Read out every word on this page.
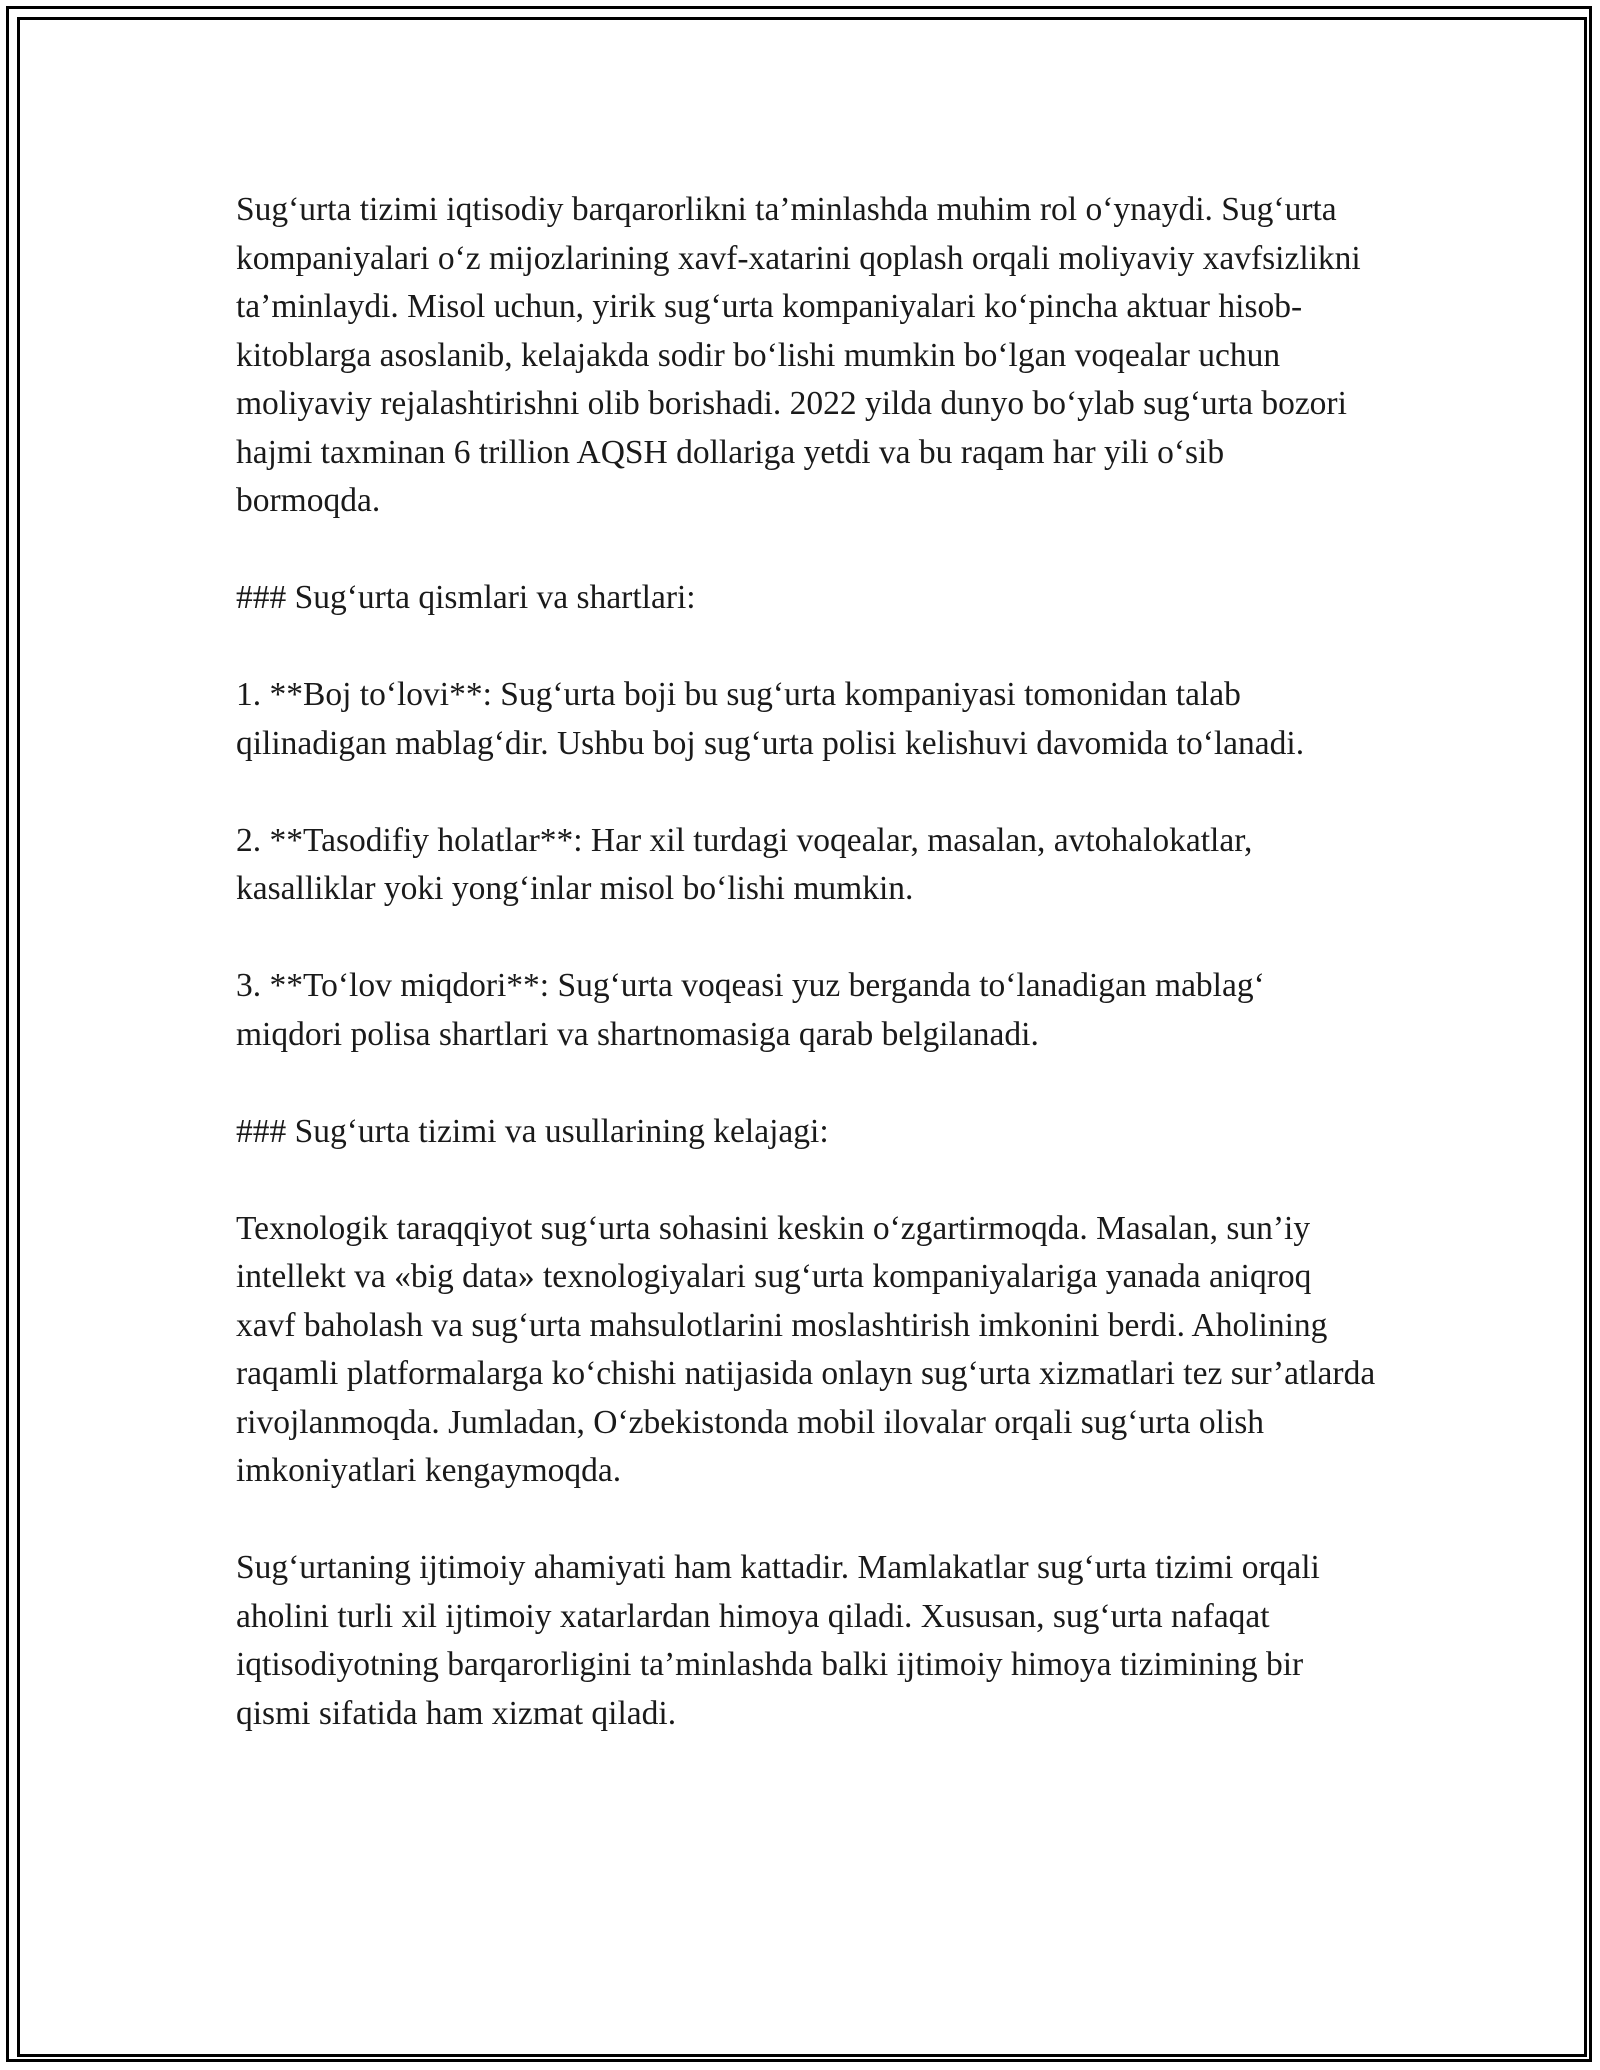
Sug‘urta tizimi iqtisodiy barqarorlikni ta’minlashda muhim rol o‘ynaydi. Sug‘urta kompaniyalari o‘z mijozlarining xavf-xatarini qoplash orqali moliyaviy xavfsizlikni ta’minlaydi. Misol uchun, yirik sug‘urta kompaniyalari ko‘pincha aktuar hisob-kitoblarga asoslanib, kelajakda sodir bo‘lishi mumkin bo‘lgan voqealar uchun moliyaviy rejalashtirishni olib borishadi. 2022 yilda dunyo bo‘ylab sug‘urta bozori hajmi taxminan 6 trillion AQSH dollariga yetdi va bu raqam har yili o‘sib bormoqda.

### Sug‘urta qismlari va shartlari:

1. **Boj to‘lovi**: Sug‘urta boji bu sug‘urta kompaniyasi tomonidan talab qilinadigan mablag‘dir. Ushbu boj sug‘urta polisi kelishuvi davomida to‘lanadi.

2. **Tasodifiy holatlar**: Har xil turdagi voqealar, masalan, avtohalokatlar, kasalliklar yoki yong‘inlar misol bo‘lishi mumkin.

3. **To‘lov miqdori**: Sug‘urta voqeasi yuz berganda to‘lanadigan mablag‘ miqdori polisa shartlari va shartnomasiga qarab belgilanadi.

### Sug‘urta tizimi va usullarining kelajagi:

Texnologik taraqqiyot sug‘urta sohasini keskin o‘zgartirmoqda. Masalan, sun’iy intellekt va «big data» texnologiyalari sug‘urta kompaniyalariga yanada aniqroq xavf baholash va sug‘urta mahsulotlarini moslashtirish imkonini berdi. Aholining raqamli platformalarga ko‘chishi natijasida onlayn sug‘urta xizmatlari tez sur’atlarda rivojlanmoqda. Jumladan, O‘zbekistonda mobil ilovalar orqali sug‘urta olish imkoniyatlari kengaymoqda.

Sug‘urtaning ijtimoiy ahamiyati ham kattadir. Mamlakatlar sug‘urta tizimi orqali aholini turli xil ijtimoiy xatarlardan himoya qiladi. Xususan, sug‘urta nafaqat iqtisodiyotning barqarorligini ta’minlashda balki ijtimoiy himoya tizimining bir qismi sifatida ham xizmat qiladi.
